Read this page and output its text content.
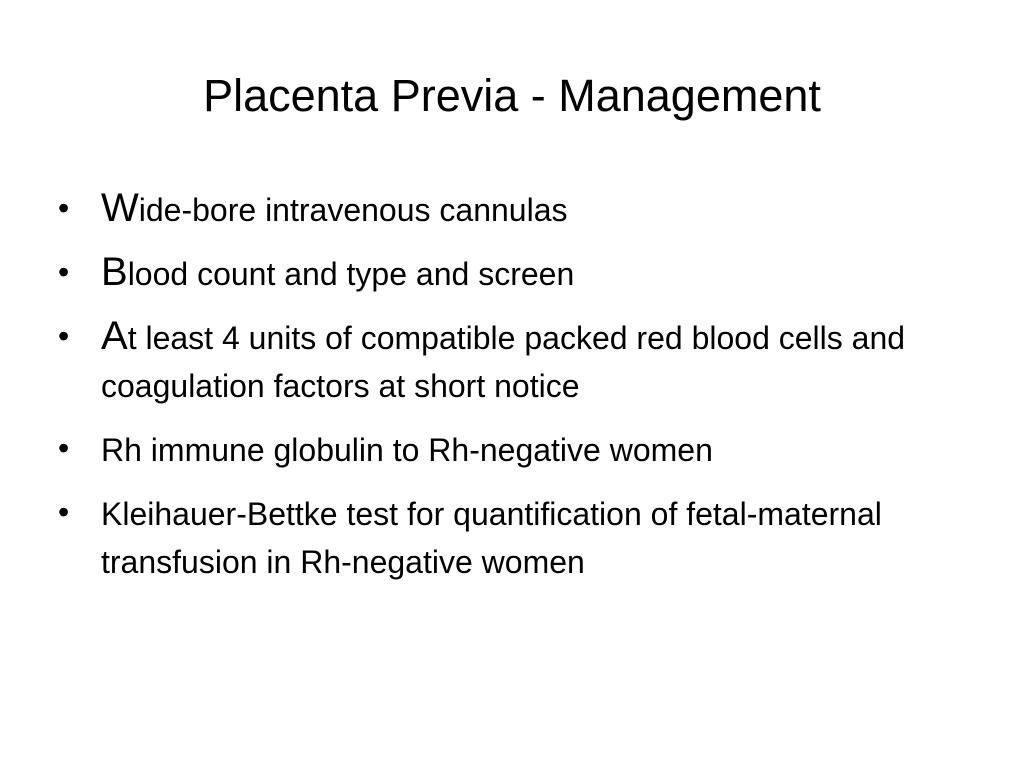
Placenta Previa - Management
• Wide-bore intravenous cannulas
• Blood count and type and screen
• At least 4 units of compatible packed red blood cells and coagulation factors at short notice
• Rh immune globulin to Rh-negative women
• Kleihauer-Bettke test for quantification of fetal-maternal transfusion in Rh-negative women
